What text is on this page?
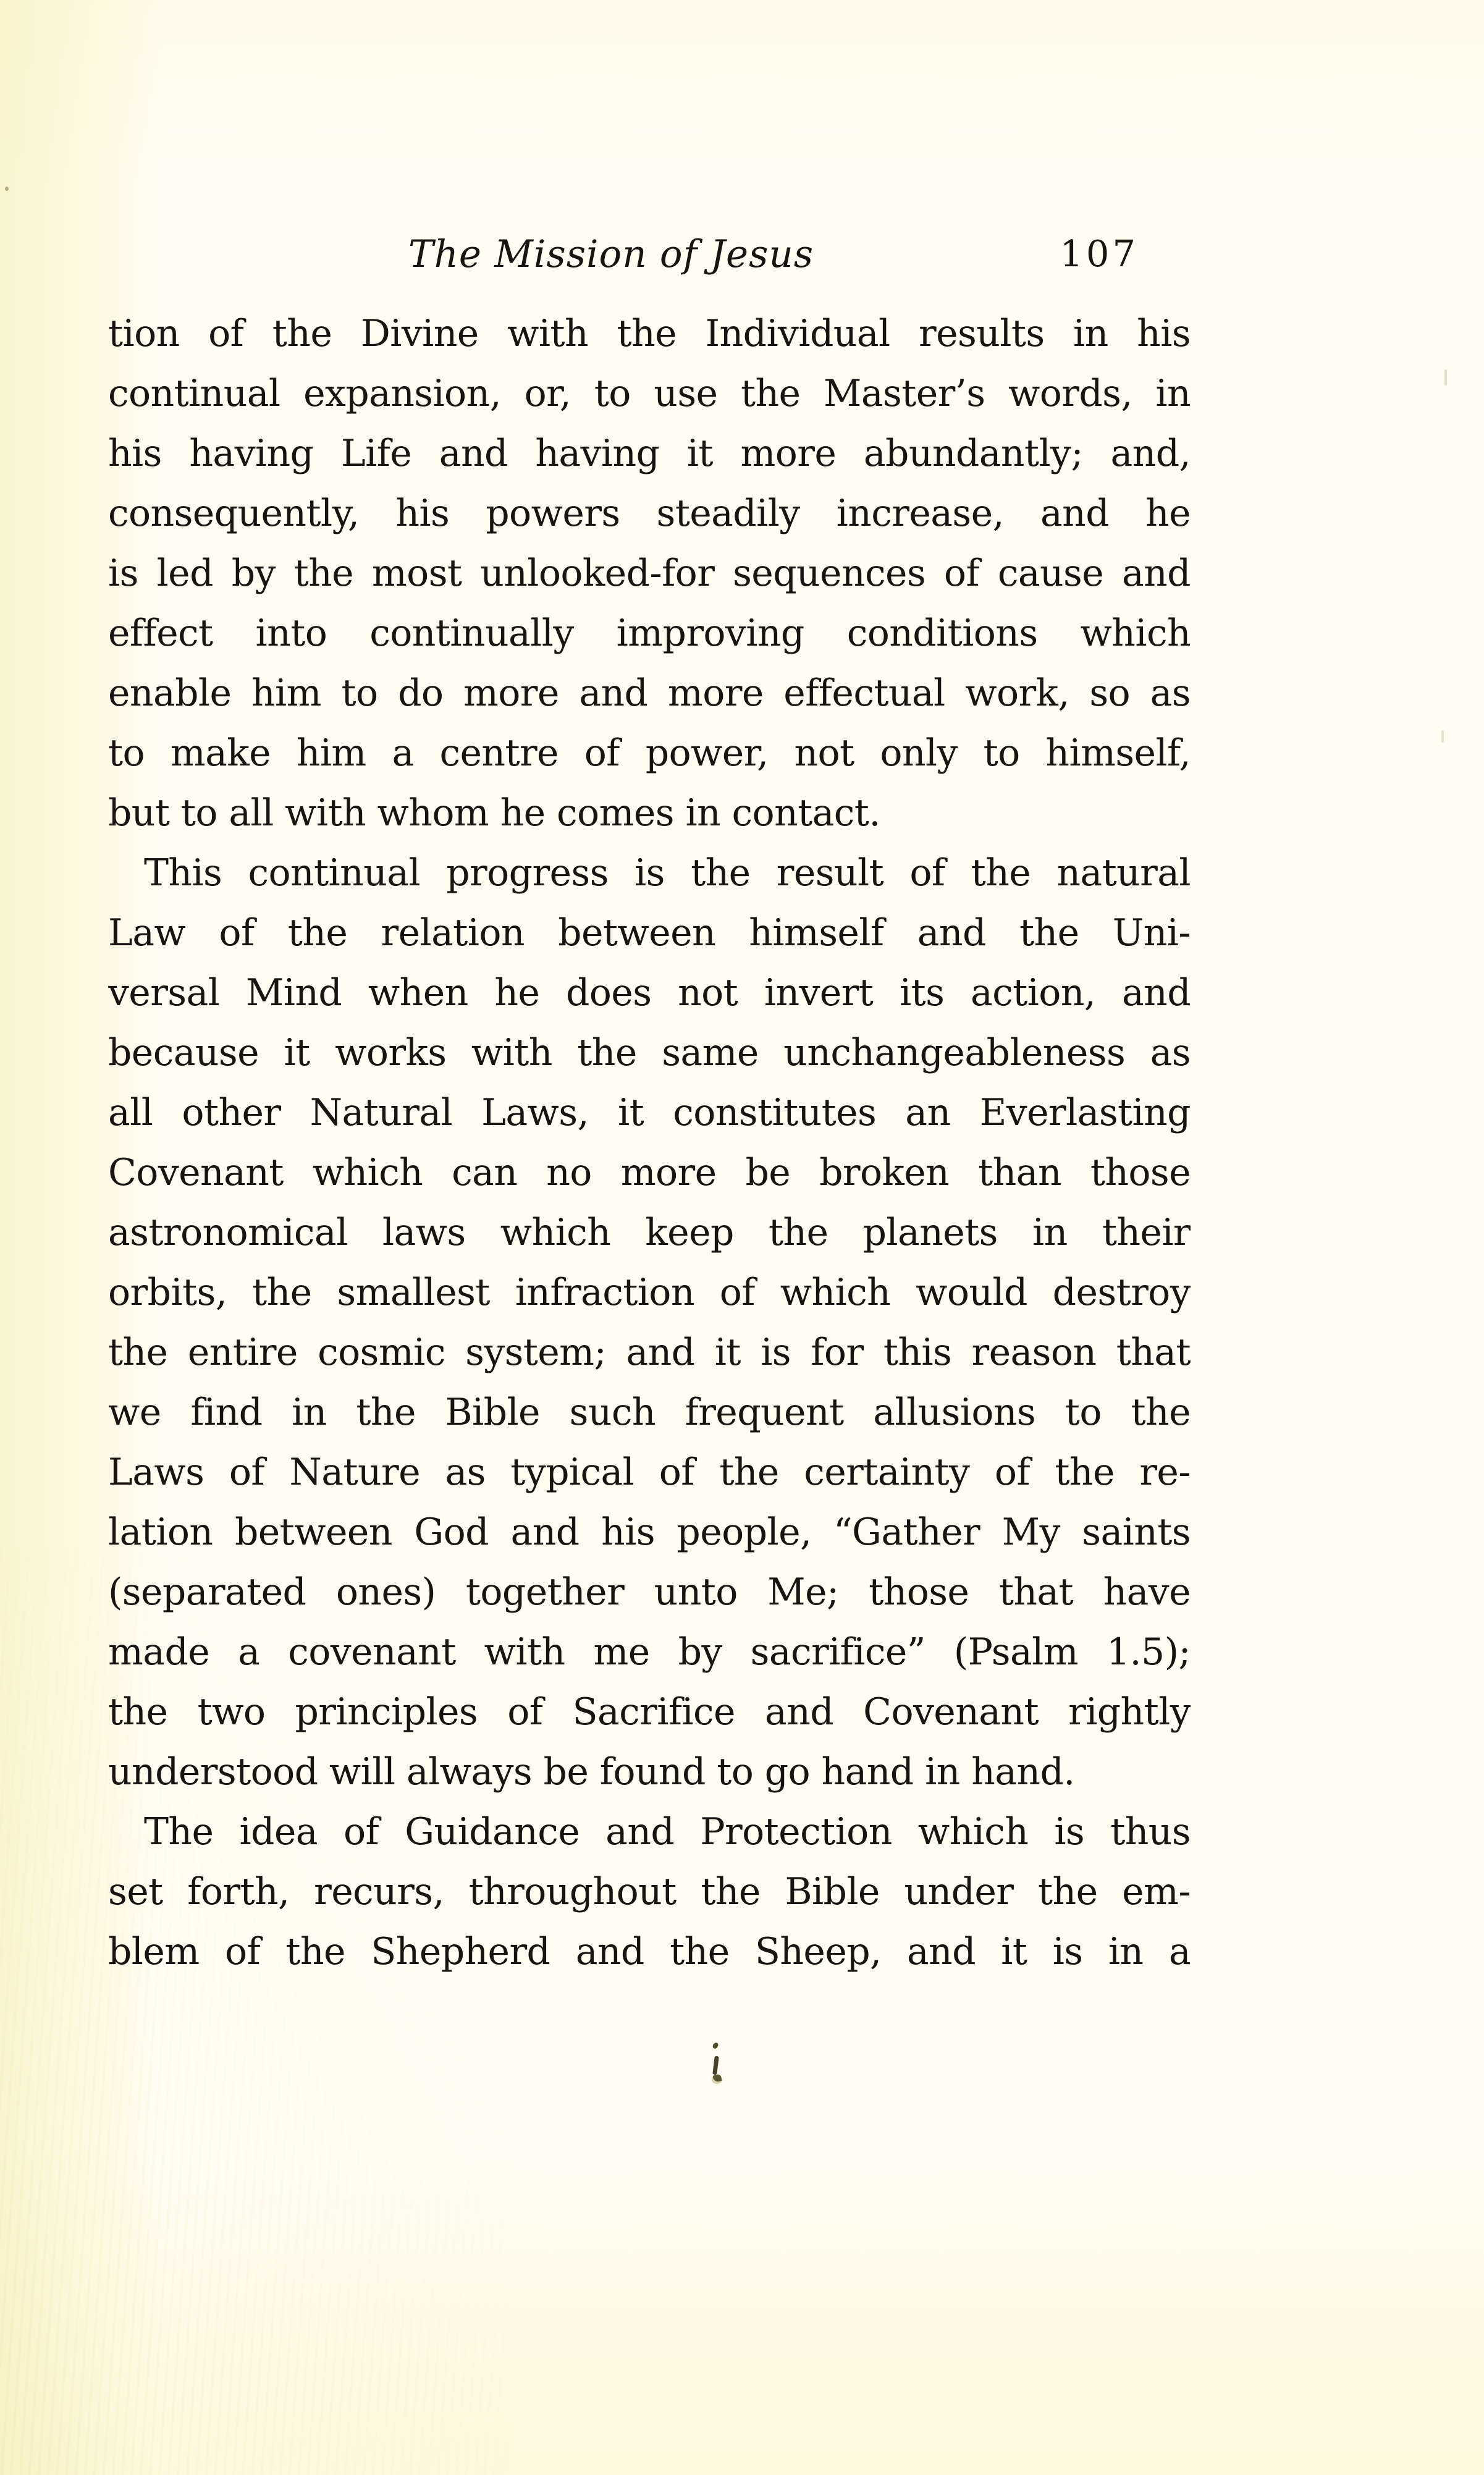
The Mission of Jesus	107
tion of the Divine with the Individual results in his
continual expansion, or, to use the Master’s words, in
his having Life and having it more abundantly; and,
consequently, his powers steadily increase, and he
is led by the most unlooked-for sequences of cause and
effect into continually improving conditions which
enable him to do more and more effectual work, so as
to make him a centre of power, not only to himself,
but to all with whom he comes in contact.
This continual progress is the result of the natural
Law of the relation between himself and the Uni-
versal Mind when he does not invert its action, and
because it works with the same unchangeableness as
all other Natural Laws, it constitutes an Everlasting
Covenant which can no more be broken than those
astronomical laws which keep the planets in their
orbits, the smallest infraction of which would destroy
the entire cosmic system; and it is for this reason that
we find in the Bible such frequent allusions to the
Laws of Nature as typical of the certainty of the re-
lation between God and his people, “Gather My saints
(separated ones) together unto Me; those that have
made a covenant with me by sacrifice” (Psalm 1.5);
the two principles of Sacrifice and Covenant rightly
understood will always be found to go hand in hand.
The idea of Guidance and Protection which is thus
set forth, recurs, throughout the Bible under the em-
blem of the Shepherd and the Sheep, and it is in a
